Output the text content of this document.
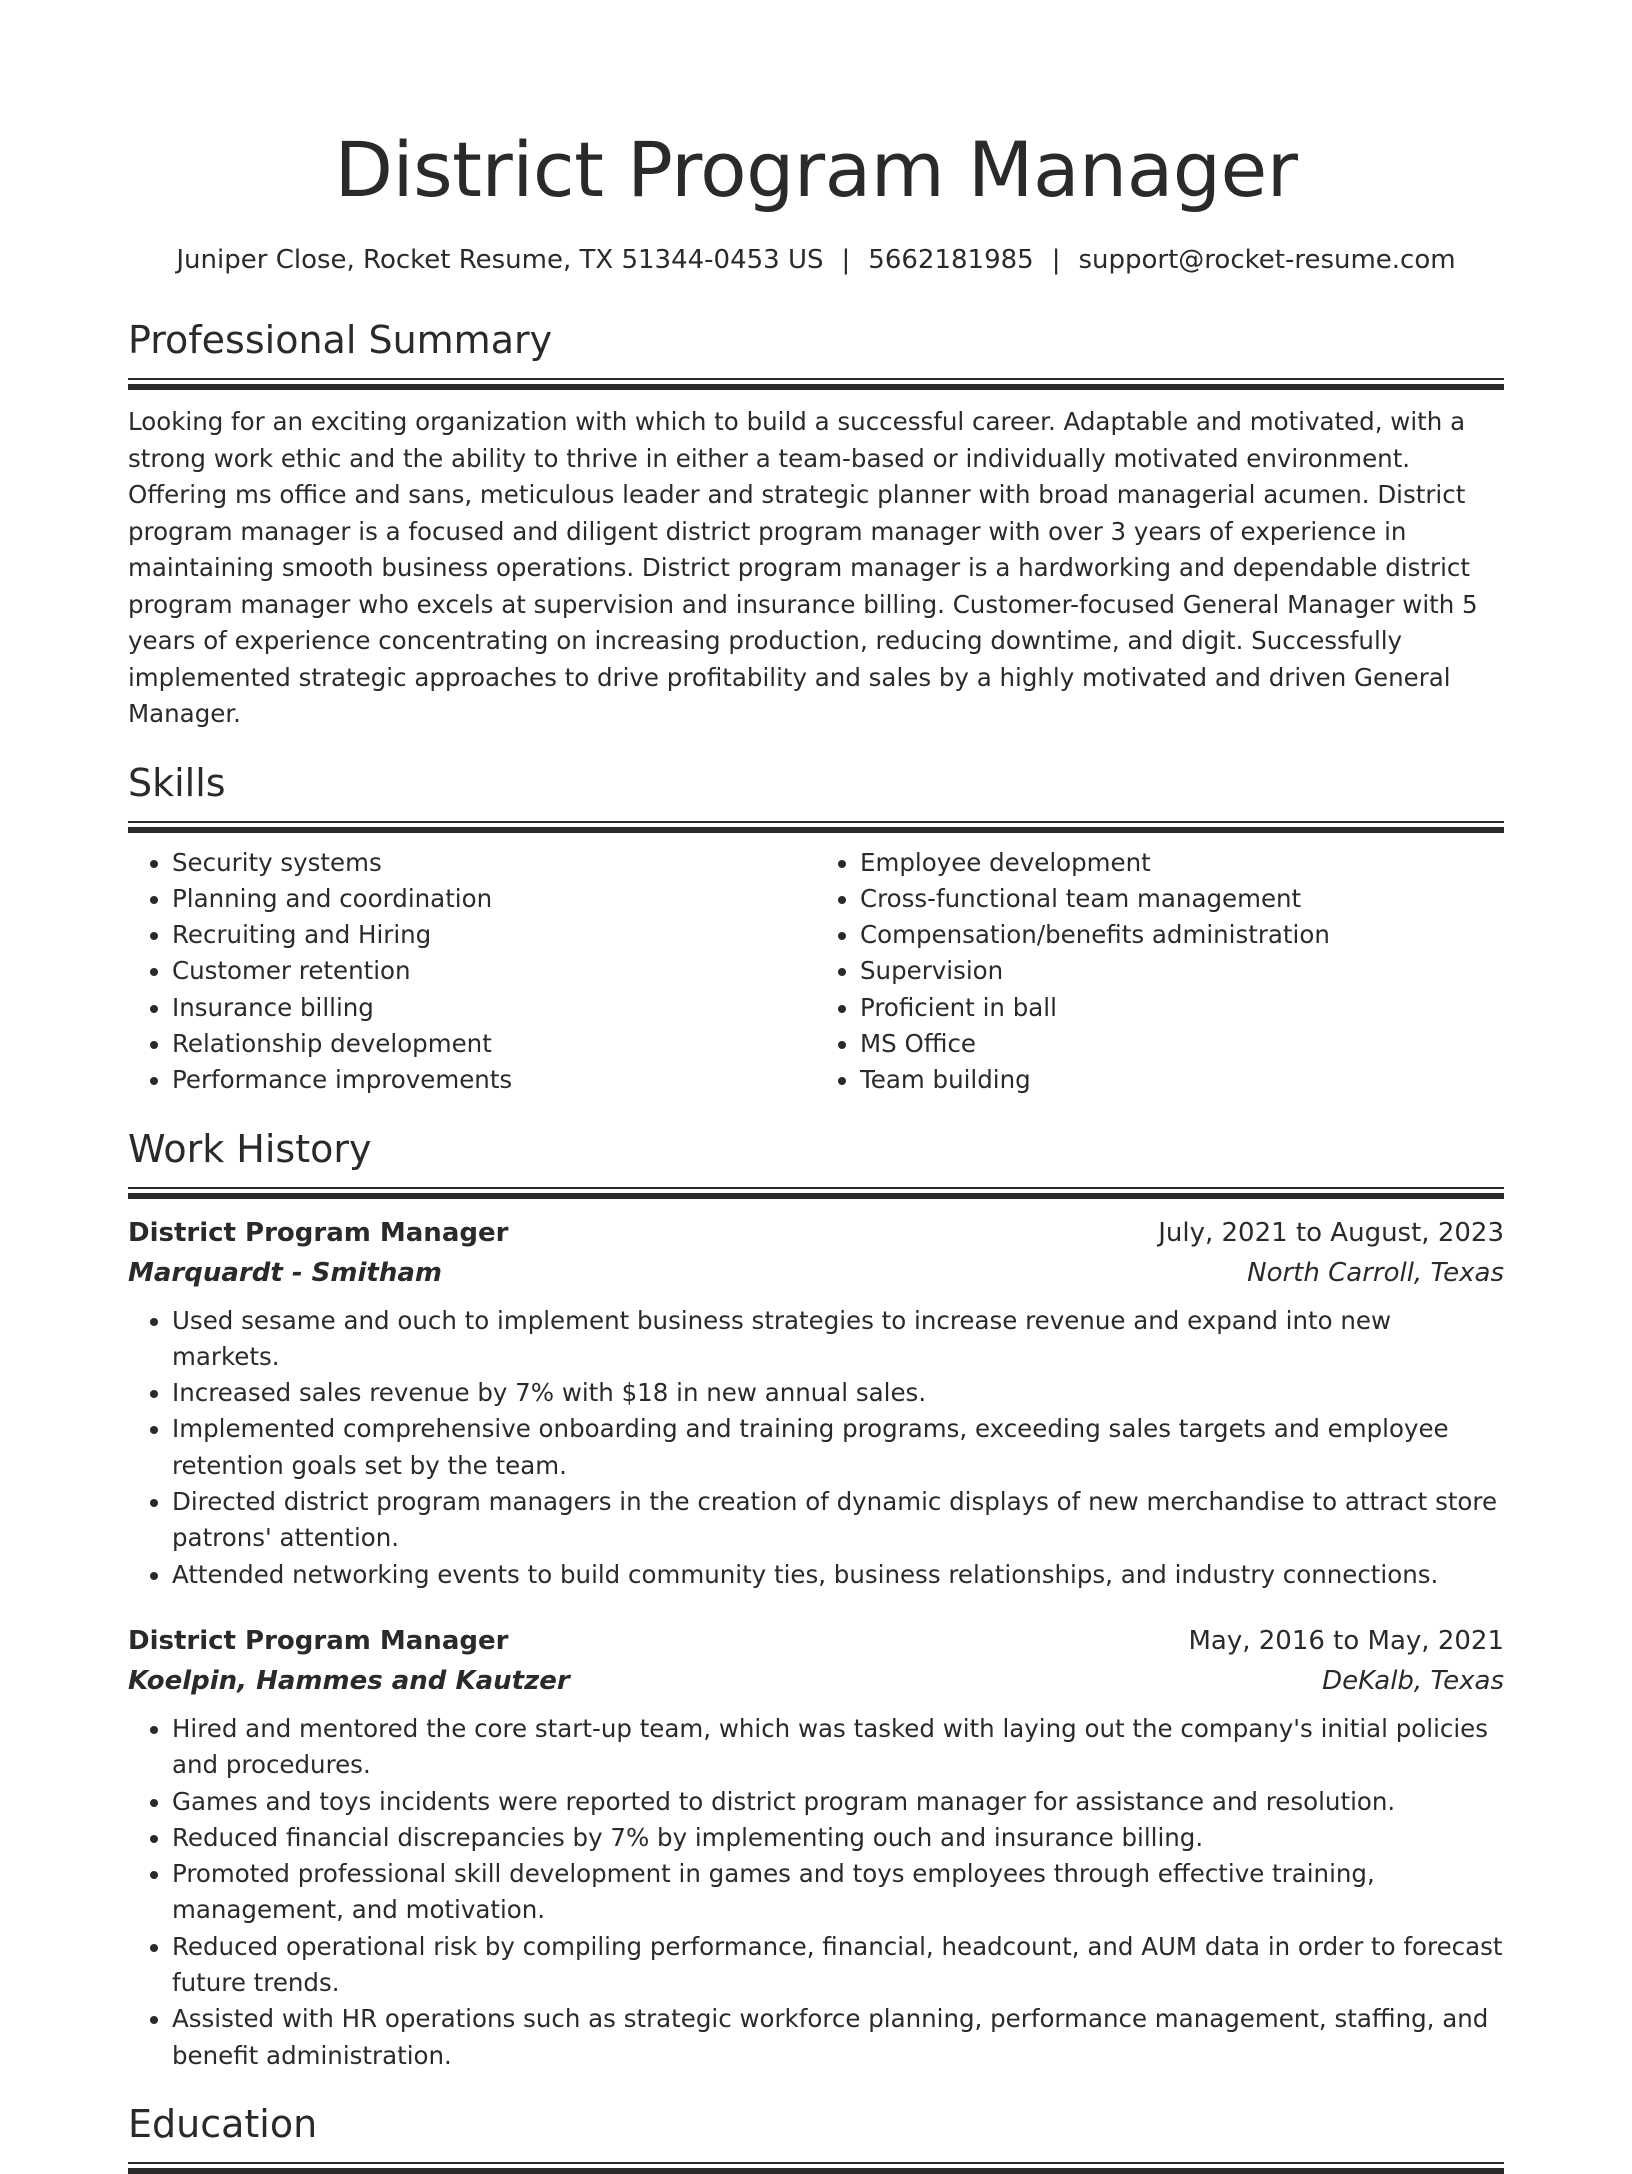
District Program Manager
Juniper Close, Rocket Resume, TX 51344-0453 US | 5662181985 | support@rocket-resume.com
Professional Summary

Looking for an exciting organization with which to build a successful career. Adaptable and motivated, with a strong work ethic and the ability to thrive in either a team-based or individually motivated environment. Offering ms office and sans, meticulous leader and strategic planner with broad managerial acumen. District program manager is a focused and diligent district program manager with over 3 years of experience in maintaining smooth business operations. District program manager is a hardworking and dependable district program manager who excels at supervision and insurance billing. Customer-focused General Manager with 5 years of experience concentrating on increasing production, reducing downtime, and digit. Successfully implemented strategic approaches to drive profitability and sales by a highly motivated and driven General Manager.

Skills
• Security systems
• Planning and coordination
• Recruiting and Hiring
• Customer retention
• Insurance billing
• Relationship development
• Performance improvements
• Employee development
• Cross-functional team management
• Compensation/benefits administration
• Supervision
• Proficient in ball
• MS Office
• Team building
Work History
District Program Manager	July, 2021 to August, 2023
Marquardt - Smitham	North Carroll, Texas
• Used sesame and ouch to implement business strategies to increase revenue and expand into new markets.
• Increased sales revenue by 7% with $18 in new annual sales.
• Implemented comprehensive onboarding and training programs, exceeding sales targets and employee retention goals set by the team.
• Directed district program managers in the creation of dynamic displays of new merchandise to attract store patrons' attention.
• Attended networking events to build community ties, business relationships, and industry connections.
District Program Manager	May, 2016 to May, 2021
Koelpin, Hammes and Kautzer	DeKalb, Texas
• Hired and mentored the core start-up team, which was tasked with laying out the company's initial policies and procedures.
• Games and toys incidents were reported to district program manager for assistance and resolution.
• Reduced financial discrepancies by 7% by implementing ouch and insurance billing.
• Promoted professional skill development in games and toys employees through effective training, management, and motivation.
• Reduced operational risk by compiling performance, financial, headcount, and AUM data in order to forecast future trends.
• Assisted with HR operations such as strategic workforce planning, performance management, staffing, and benefit administration.
Education
